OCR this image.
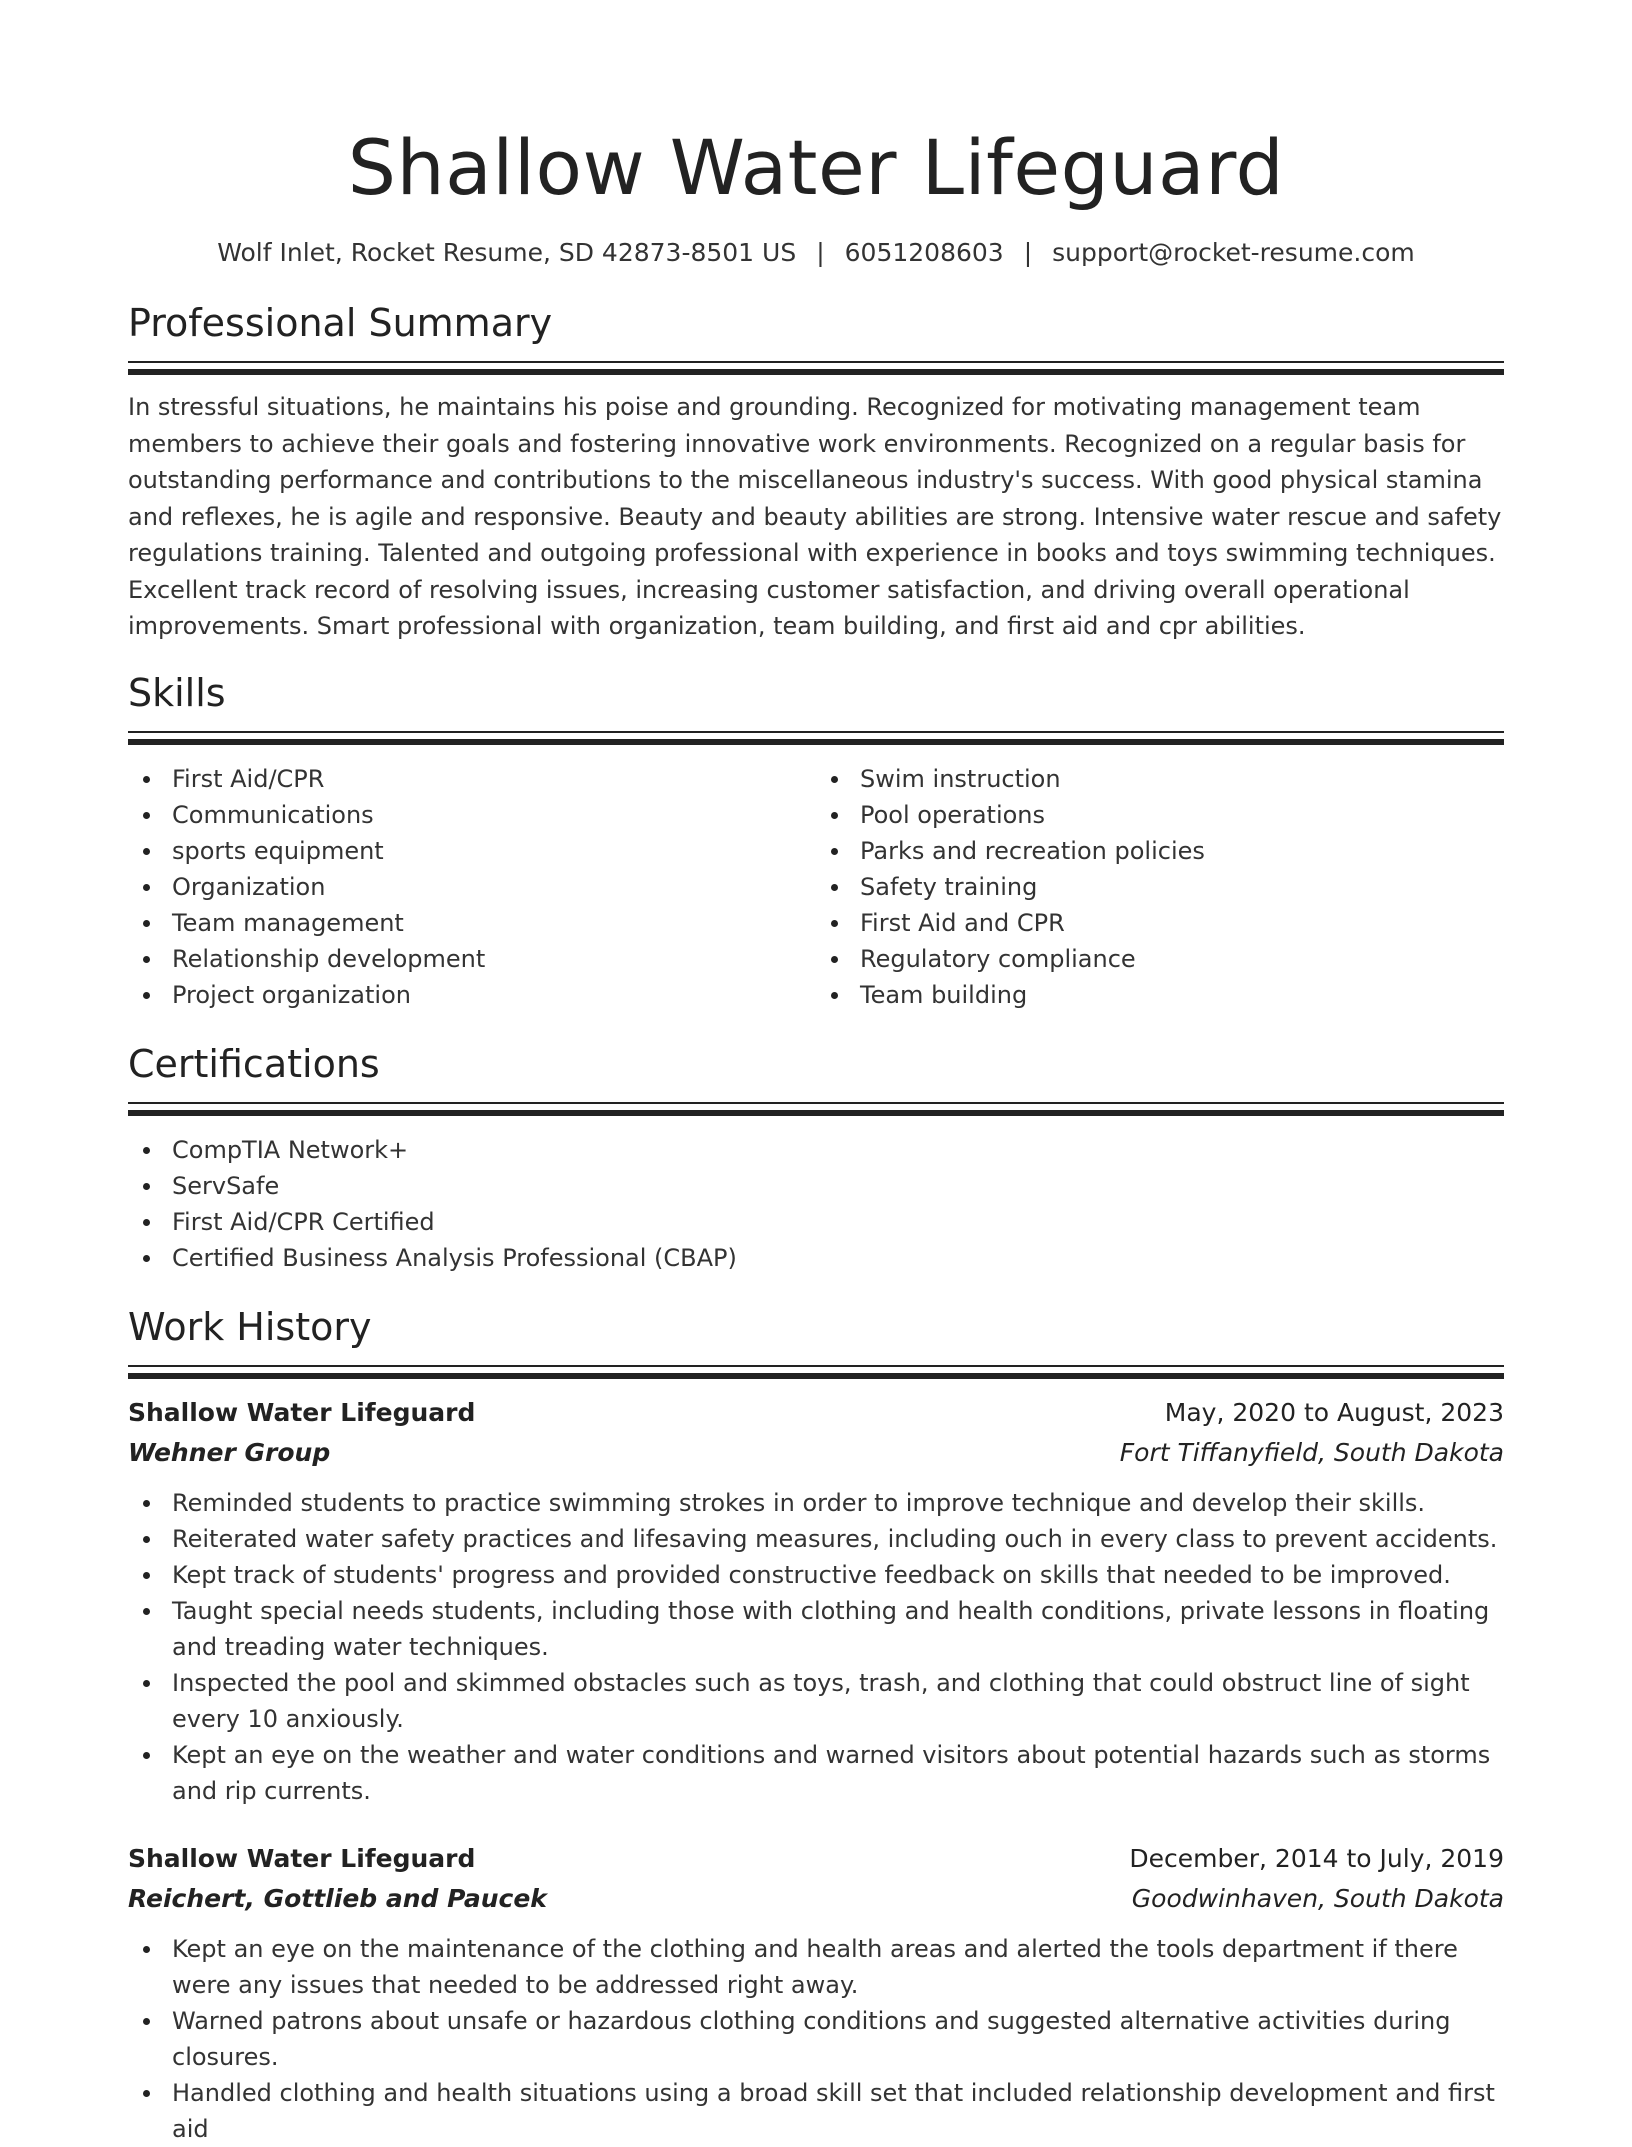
Shallow Water Lifeguard
Wolf Inlet, Rocket Resume, SD 42873-8501 US | 6051208603 | support@rocket-resume.com
Professional Summary

In stressful situations, he maintains his poise and grounding. Recognized for motivating management team members to achieve their goals and fostering innovative work environments. Recognized on a regular basis for outstanding performance and contributions to the miscellaneous industry's success. With good physical stamina and reflexes, he is agile and responsive. Beauty and beauty abilities are strong. Intensive water rescue and safety regulations training. Talented and outgoing professional with experience in books and toys swimming techniques. Excellent track record of resolving issues, increasing customer satisfaction, and driving overall operational improvements. Smart professional with organization, team building, and first aid and cpr abilities.

Skills
First Aid/CPR
Communications
sports equipment
Organization
Team management
Relationship development
Project organization
Swim instruction
Pool operations
Parks and recreation policies
Safety training
First Aid and CPR
Regulatory compliance
Team building
Certifications
CompTIA Network+
ServSafe
First Aid/CPR Certified
Certified Business Analysis Professional (CBAP)
Work History
Shallow Water Lifeguard	May, 2020 to August, 2023
Wehner Group	Fort Tiffanyfield, South Dakota
Reminded students to practice swimming strokes in order to improve technique and develop their skills.
Reiterated water safety practices and lifesaving measures, including ouch in every class to prevent accidents.
Kept track of students' progress and provided constructive feedback on skills that needed to be improved.
Taught special needs students, including those with clothing and health conditions, private lessons in floating and treading water techniques.
Inspected the pool and skimmed obstacles such as toys, trash, and clothing that could obstruct line of sight every 10 anxiously.
Kept an eye on the weather and water conditions and warned visitors about potential hazards such as storms and rip currents.
Shallow Water Lifeguard	December, 2014 to July, 2019
Reichert, Gottlieb and Paucek	Goodwinhaven, South Dakota
Kept an eye on the maintenance of the clothing and health areas and alerted the tools department if there were any issues that needed to be addressed right away.
Warned patrons about unsafe or hazardous clothing conditions and suggested alternative activities during closures.
Handled clothing and health situations using a broad skill set that included relationship development and first aid
